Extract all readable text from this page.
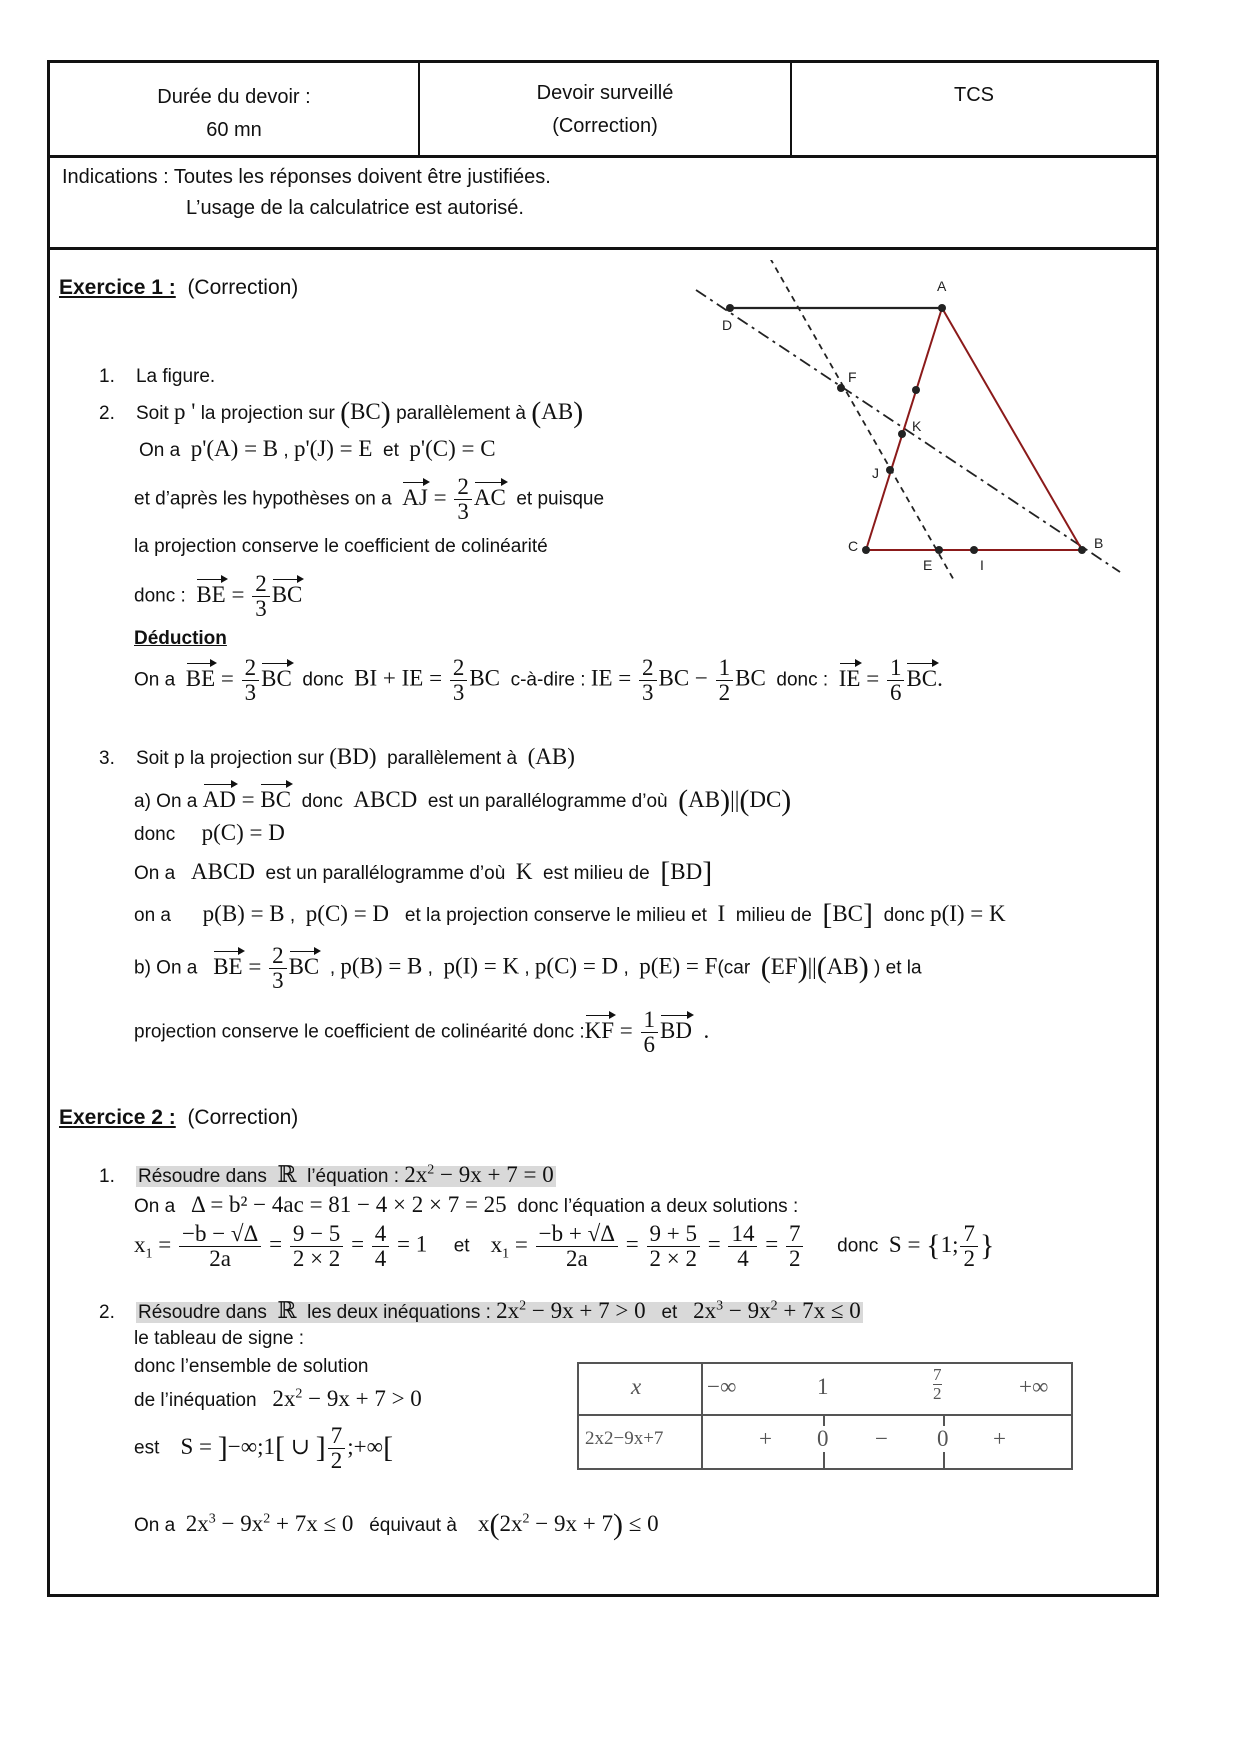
Durée du devoir :
60 mn
Devoir surveillé
(Correction)
TCS
Indications : Toutes les réponses doivent être justifiées.
L’usage de la calculatrice est autorisé.
Exercice 1 : (Correction)
1.    La figure.
2.    Soit p ' la projection sur (BC) parallèlement à (AB)
On a p'(A) = B , p'(J) = E et p'(C) = C
et d’après les hypothèses on a AJ = $\frac{2}{3}$ AC et puisque
la projection conserve le coefficient de colinéarité
donc : BE = $\frac{2}{3}$ BC
Déduction
On a BE = $\frac{2}{3}$ BC donc BI + IE = $\frac{2}{3}$ BC c-à-dire : IE = $\frac{2}{3}$ BC − $\frac{1}{2}$ BC donc : IE = $\frac{1}{6}$ BC.
3.    Soit p la projection sur (BD) parallèlement à (AB)
a) On a AD = BC donc ABCD est un parallélogramme d’où (AB)||(DC)
donc p(C) = D
On a ABCD est un parallélogramme d’où K est milieu de [BD]
on a p(B) = B ,  p(C) = D et la projection conserve le milieu et I milieu de [BC] donc p(I) = K
b) On a BE = $\frac{2}{3}$ BC  , p(B) = B ,  p(I) = K , p(C) = D ,  p(E) = F(car (EF)||(AB) ) et la
projection conserve le coefficient de colinéarité donc :KF = $\frac{1}{6}$ BD  .
A
B
C
D
E
F
I
J
K
Exercice 2 : (Correction)
1.    Résoudre dans ℝ l’équation : $2x^2 - 9x + 7 = 0$
On a Δ = b² − 4ac = 81 − 4 × 2 × 7 = 25 donc l’équation a deux solutions :
$x_1 = \frac{-b - √\Delta}{2a} = \frac{9 - 5}{2 \times 2} = \frac{4}{4} = 1$ et $x_1 = \frac{-b + √\Delta}{2a} = \frac{9 + 5}{2 \times 2} = \frac{14}{4} = \frac{7}{2}$ donc S = {1; $\frac{7}{2}$ }
2.    Résoudre dans ℝ les deux inéquations : $2x^2 - 9x + 7 > 0$ et $2x^3 - 9x^2 + 7x \le 0$
le tableau de signe :
donc l’ensemble de solution
de l’inéquation $2x^2 - 9x + 7 > 0$
est S = ]−∞;1[ ∪ ] $\frac{7}{2}$ ;+∞[
On a $2x^3 - 9x^2 + 7x \le 0$ équivaut à $x(2x^2 - 9x + 7) \le 0$
x	−∞	1	$\frac{7}{2}$	+∞
2x2−9x+7	+ 0 − 0 +
